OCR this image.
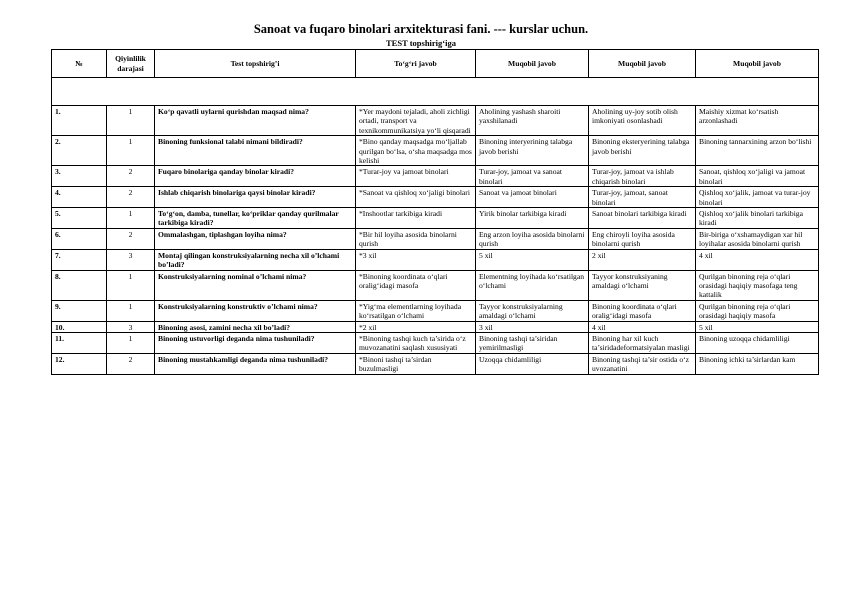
Sanoat va fuqaro binolari arxitekturasi fani. --- kurslar uchun.

TEST topshirig‘iga

№	Qiyinlilik darajasi	Test topshirig’i	To‘g‘ri javob	Muqobil javob	Muqobil javob	Muqobil javob

1.	1	Ko‘p qavatli uylarni qurishdan maqsad nima?	*Yer maydoni tejaladi, aholi zichligi ortadi, transport va texnikommunikatsiya yo‘li qisqaradi	Aholining yashash sharoiti yaxshilanadi	Aholining uy-joy sotib olish imkoniyati osonlashadi	Maishiy xizmat ko‘rsatish arzonlashadi
2.	1	Binoning funksional talabi nimani bildiradi?	*Bino qanday maqsadga mo‘ljallab qurilgan bo‘lsa, o‘sha maqsadga mos kelishi	Binoning interyerining talabga javob berishi	Binoning eksteryerining talabga javob berishi	Binoning tannarxining arzon bo‘lishi
3.	2	Fuqaro binolariga qanday binolar kiradi?	*Turar-joy va jamoat binolari	Turar-joy, jamoat va sanoat binolari	Turar-joy, jamoat va ishlab chiqarish binolari	Sanoat, qishloq xo‘jaligi va jamoat binolari
4.	2	Ishlab chiqarish binolariga qaysi binolar kiradi?	*Sanoat va qishloq xo‘jaligi binolari	Sanoat va jamoat binolari	Turar-joy, jamoat, sanoat binolari	Qishloq xo‘jalik, jamoat va turar-joy binolari
5.	1	To‘g‘on, damba, tunellar, ko‘priklar qanday qurilmalar tarkibiga kiradi?	*Inshootlar tarkibiga kiradi	Yirik binolar tarkibiga kiradi	Sanoat binolari tarkibiga kiradi	Qishloq xo‘jalik binolari tarkibiga kiradi
6.	2	Ommalashgan, tiplashgan loyiha nima?	*Bir hil loyiha asosida binolarni qurish	Eng arzon loyiha asosida binolarni qurish	Eng chiroyli loyiha asosida binolarni qurish	Bir-biriga o‘xshamaydigan xar hil loyihalar asosida binolarni qurish
7.	3	Montaj qilingan konstruksiyalarning necha xil o’lchami bo’ladi?	*3 xil	5 xil	2 xil	4 xil
8.	1	Konstruksiyalarning nominal o’lchami nima?	*Binoning koordinata o‘qlari oralig‘idagi masofa	Elementning loyihada ko‘rsatilgan o‘lchami	Tayyor konstruksiyaning amaldagi o‘lchami	Qurilgan binoning reja o‘qlari orasidagi haqiqiy masofaga teng kattalik
9.	1	Konstruksiyalarning konstruktiv o’lchami nima?	*Yig‘ma elementlarning loyihada ko‘rsatilgan o‘lchami	Tayyor konstruksiyalarning amaldagi o‘lchami	Binoning koordinata o‘qlari oralig‘idagi masofa	Qurilgan binoning reja o‘qlari orasidagi haqiqiy masofa
10.	3	Binoning asosi, zamini necha xil bo’ladi?	*2 xil	3 xil	4 xil	5 xil
11.	1	Binoning ustuvorligi deganda nima tushuniladi?	*Binoning tashqi kuch ta’sirida o‘z muvozanatini saqlash xususiyati	Binoning tashqi ta’siridan yemirilmasligi	Binoning har xil kuch ta’siridadeformatsiyalan masligi	Binoning uzoqqa chidamliligi
12.	2	Binoning mustahkamligi deganda nima tushuniladi?	*Binoni tashqi ta’sirdan buzulmasligi	Uzoqqa chidamliligi	Binoning tashqi ta’sir ostida o‘z uvozanatini	Binoning ichki ta’sirlardan kam
